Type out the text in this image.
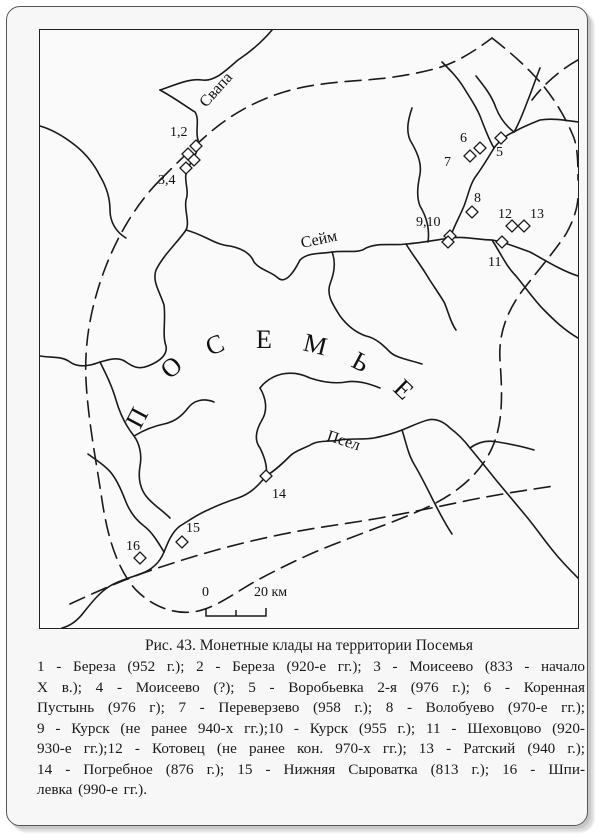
Свапа
Сейм
Псел
П
О
С Е М
Ь
Е
1,2
3,4
5
6
7
8
9,10
11
12 13
14
15
16
0	20 км
Рис. 43. Монетные клады на территории Посемья

1 - Береза (952 г.); 2 - Береза (920-е гг.); 3 - Моисеево (833 - начало

X в.); 4 - Моисеево (?); 5 - Воробьевка 2-я (976 г.); 6 - Коренная

Пустынь (976 г); 7 - Переверзево (958 г.); 8 - Волобуево (970-е гг.);

9 - Курск (не ранее 940-х гг.);10 - Курск (955 г.); 11 - Шеховцово (920-

930-е гг.);12 - Котовец (не ранее кон. 970-х гг.); 13 - Ратский (940 г.);

14 - Погребное (876 г.); 15 - Нижняя Сыроватка (813 г.); 16 - Шпи-

левка (990-е гг.).
